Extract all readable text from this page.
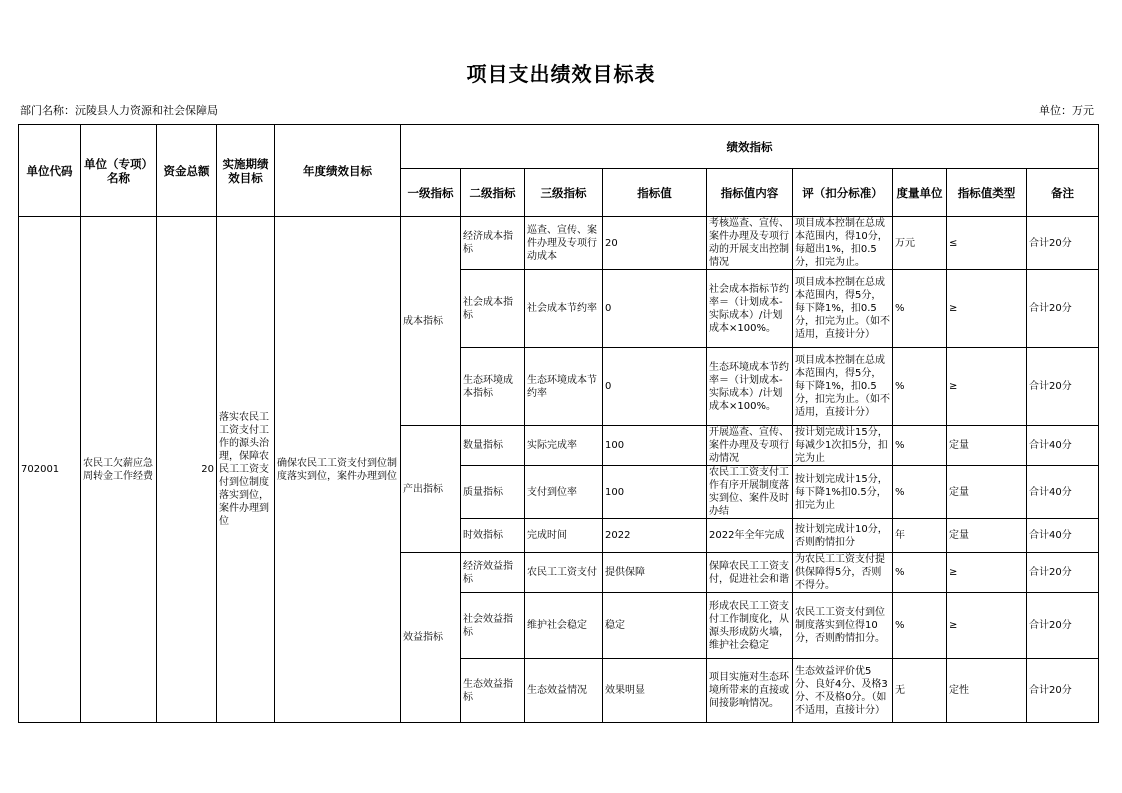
项目支出绩效目标表
部门名称：沅陵县人力资源和社会保障局	单位：万元
单位代码	单位（专项）名称	资金总额	实施期绩效目标	年度绩效目标	绩效指标								
					一级指标	二级指标	三级指标	指标值	指标值内容	评（扣分标准）	度量单位	指标值类型	备注
702001	农民工欠薪应急周转金工作经费	20	落实农民工工资支付工作的源头治理，保障农民工工资支付到位制度落实到位，案件办理到位	确保农民工工资支付到位制度落实到位，案件办理到位	成本指标	经济成本指标	巡查、宣传、案件办理及专项行动成本	20	考核巡查、宣传、案件办理及专项行动的开展支出控制情况	项目成本控制在总成本范围内，得10分，每超出1%，扣0.5分，扣完为止。	万元	≤	合计20分
						社会成本指标	社会成本节约率	0	社会成本指标节约率＝（计划成本-实际成本）/计划成本×100%。	项目成本控制在总成本范围内，得5分，每下降1%，扣0.5分，扣完为止。（如不适用，直接计分）	%	≥	合计20分
						生态环境成本指标	生态环境成本节约率	0	生态环境成本节约率＝（计划成本-实际成本）/计划成本×100%。	项目成本控制在总成本范围内，得5分，每下降1%，扣0.5分，扣完为止。（如不适用，直接计分）	%	≥	合计20分
					产出指标	数量指标	实际完成率	100	开展巡查、宣传、案件办理及专项行动情况	按计划完成计15分，每减少1次扣5分，扣完为止	%	定量	合计40分
						质量指标	支付到位率	100	农民工工资支付工作有序开展制度落实到位、案件及时办结	按计划完成计15分，每下降1%扣0.5分，扣完为止	%	定量	合计40分
						时效指标	完成时间	2022	2022年全年完成	按计划完成计10分，否则酌情扣分	年	定量	合计40分
					效益指标	经济效益指标	农民工工资支付	提供保障	保障农民工工资支付，促进社会和谐	为农民工工资支付提供保障得5分，否则不得分。	%	≥	合计20分
						社会效益指标	维护社会稳定	稳定	形成农民工工资支付工作制度化，从源头形成防火墙，维护社会稳定	农民工工资支付到位制度落实到位得10分，否则酌情扣分。	%	≥	合计20分
						生态效益指标	生态效益情况	效果明显	项目实施对生态环境所带来的直接或间接影响情况。	生态效益评价优5分、良好4分、及格3分、不及格0分。（如不适用，直接计分）	无	定性	合计20分
